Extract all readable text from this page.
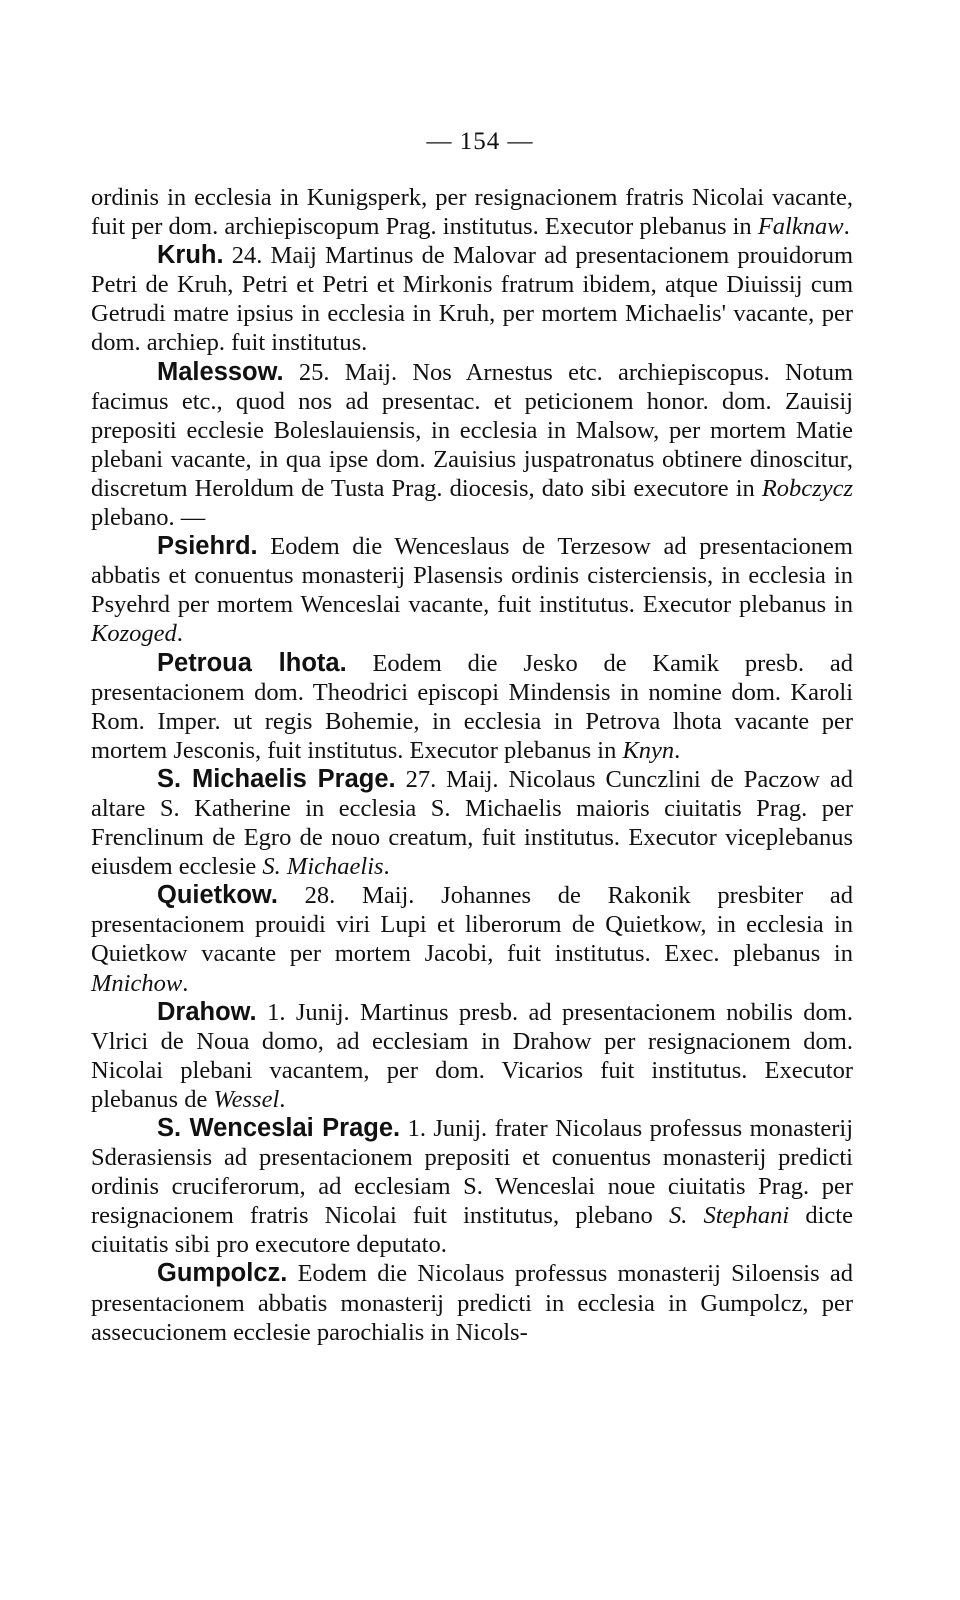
— 154 —

ordinis in ecclesia in Kunigsperk, per resignacionem fratris Nicolai vacante, fuit per dom. archiepiscopum Prag. institutus. Executor plebanus in Falknaw.

Kruh. 24. Maij Martinus de Malovar ad presentacionem prouidorum Petri de Kruh, Petri et Petri et Mirkonis fratrum ibidem, atque Diuissij cum Getrudi matre ipsius in ecclesia in Kruh, per mortem Michaelis' vacante, per dom. archiep. fuit institutus.

Malessow. 25. Maij. Nos Arnestus etc. archiepiscopus. Notum facimus etc., quod nos ad presentac. et peticionem honor. dom. Zauisij prepositi ecclesie Boleslauiensis, in ecclesia in Malsow, per mortem Matie plebani vacante, in qua ipse dom. Zauisius juspatronatus obtinere dinoscitur, discretum Heroldum de Tusta Prag. diocesis, dato sibi executore in Robczycz plebano. —

Psiehrd. Eodem die Wenceslaus de Terzesow ad presentacionem abbatis et conuentus monasterij Plasensis ordinis cisterciensis, in ecclesia in Psyehrd per mortem Wenceslai vacante, fuit institutus. Executor plebanus in Kozoged.

Petroua lhota. Eodem die Jesko de Kamik presb. ad presentacionem dom. Theodrici episcopi Mindensis in nomine dom. Karoli Rom. Imper. ut regis Bohemie, in ecclesia in Petrova lhota vacante per mortem Jesconis, fuit institutus. Executor plebanus in Knyn.

S. Michaelis Prage. 27. Maij. Nicolaus Cunczlini de Paczow ad altare S. Katherine in ecclesia S. Michaelis maioris ciuitatis Prag. per Frenclinum de Egro de nouo creatum, fuit institutus. Executor viceplebanus eiusdem ecclesie S. Michaelis.

Quietkow. 28. Maij. Johannes de Rakonik presbiter ad presentacionem prouidi viri Lupi et liberorum de Quietkow, in ecclesia in Quietkow vacante per mortem Jacobi, fuit institutus. Exec. plebanus in Mnichow.

Drahow. 1. Junij. Martinus presb. ad presentacionem nobilis dom. Vlrici de Noua domo, ad ecclesiam in Drahow per resignacionem dom. Nicolai plebani vacantem, per dom. Vicarios fuit institutus. Executor plebanus de Wessel.

S. Wenceslai Prage. 1. Junij. frater Nicolaus professus monasterij Sderasiensis ad presentacionem prepositi et conuentus monasterij predicti ordinis cruciferorum, ad ecclesiam S. Wenceslai noue ciuitatis Prag. per resignacionem fratris Nicolai fuit institutus, plebano S. Stephani dicte ciuitatis sibi pro executore deputato.

Gumpolcz. Eodem die Nicolaus professus monasterij Siloensis ad presentacionem abbatis monasterij predicti in ecclesia in Gumpolcz, per assecucionem ecclesie parochialis in Nicols-
